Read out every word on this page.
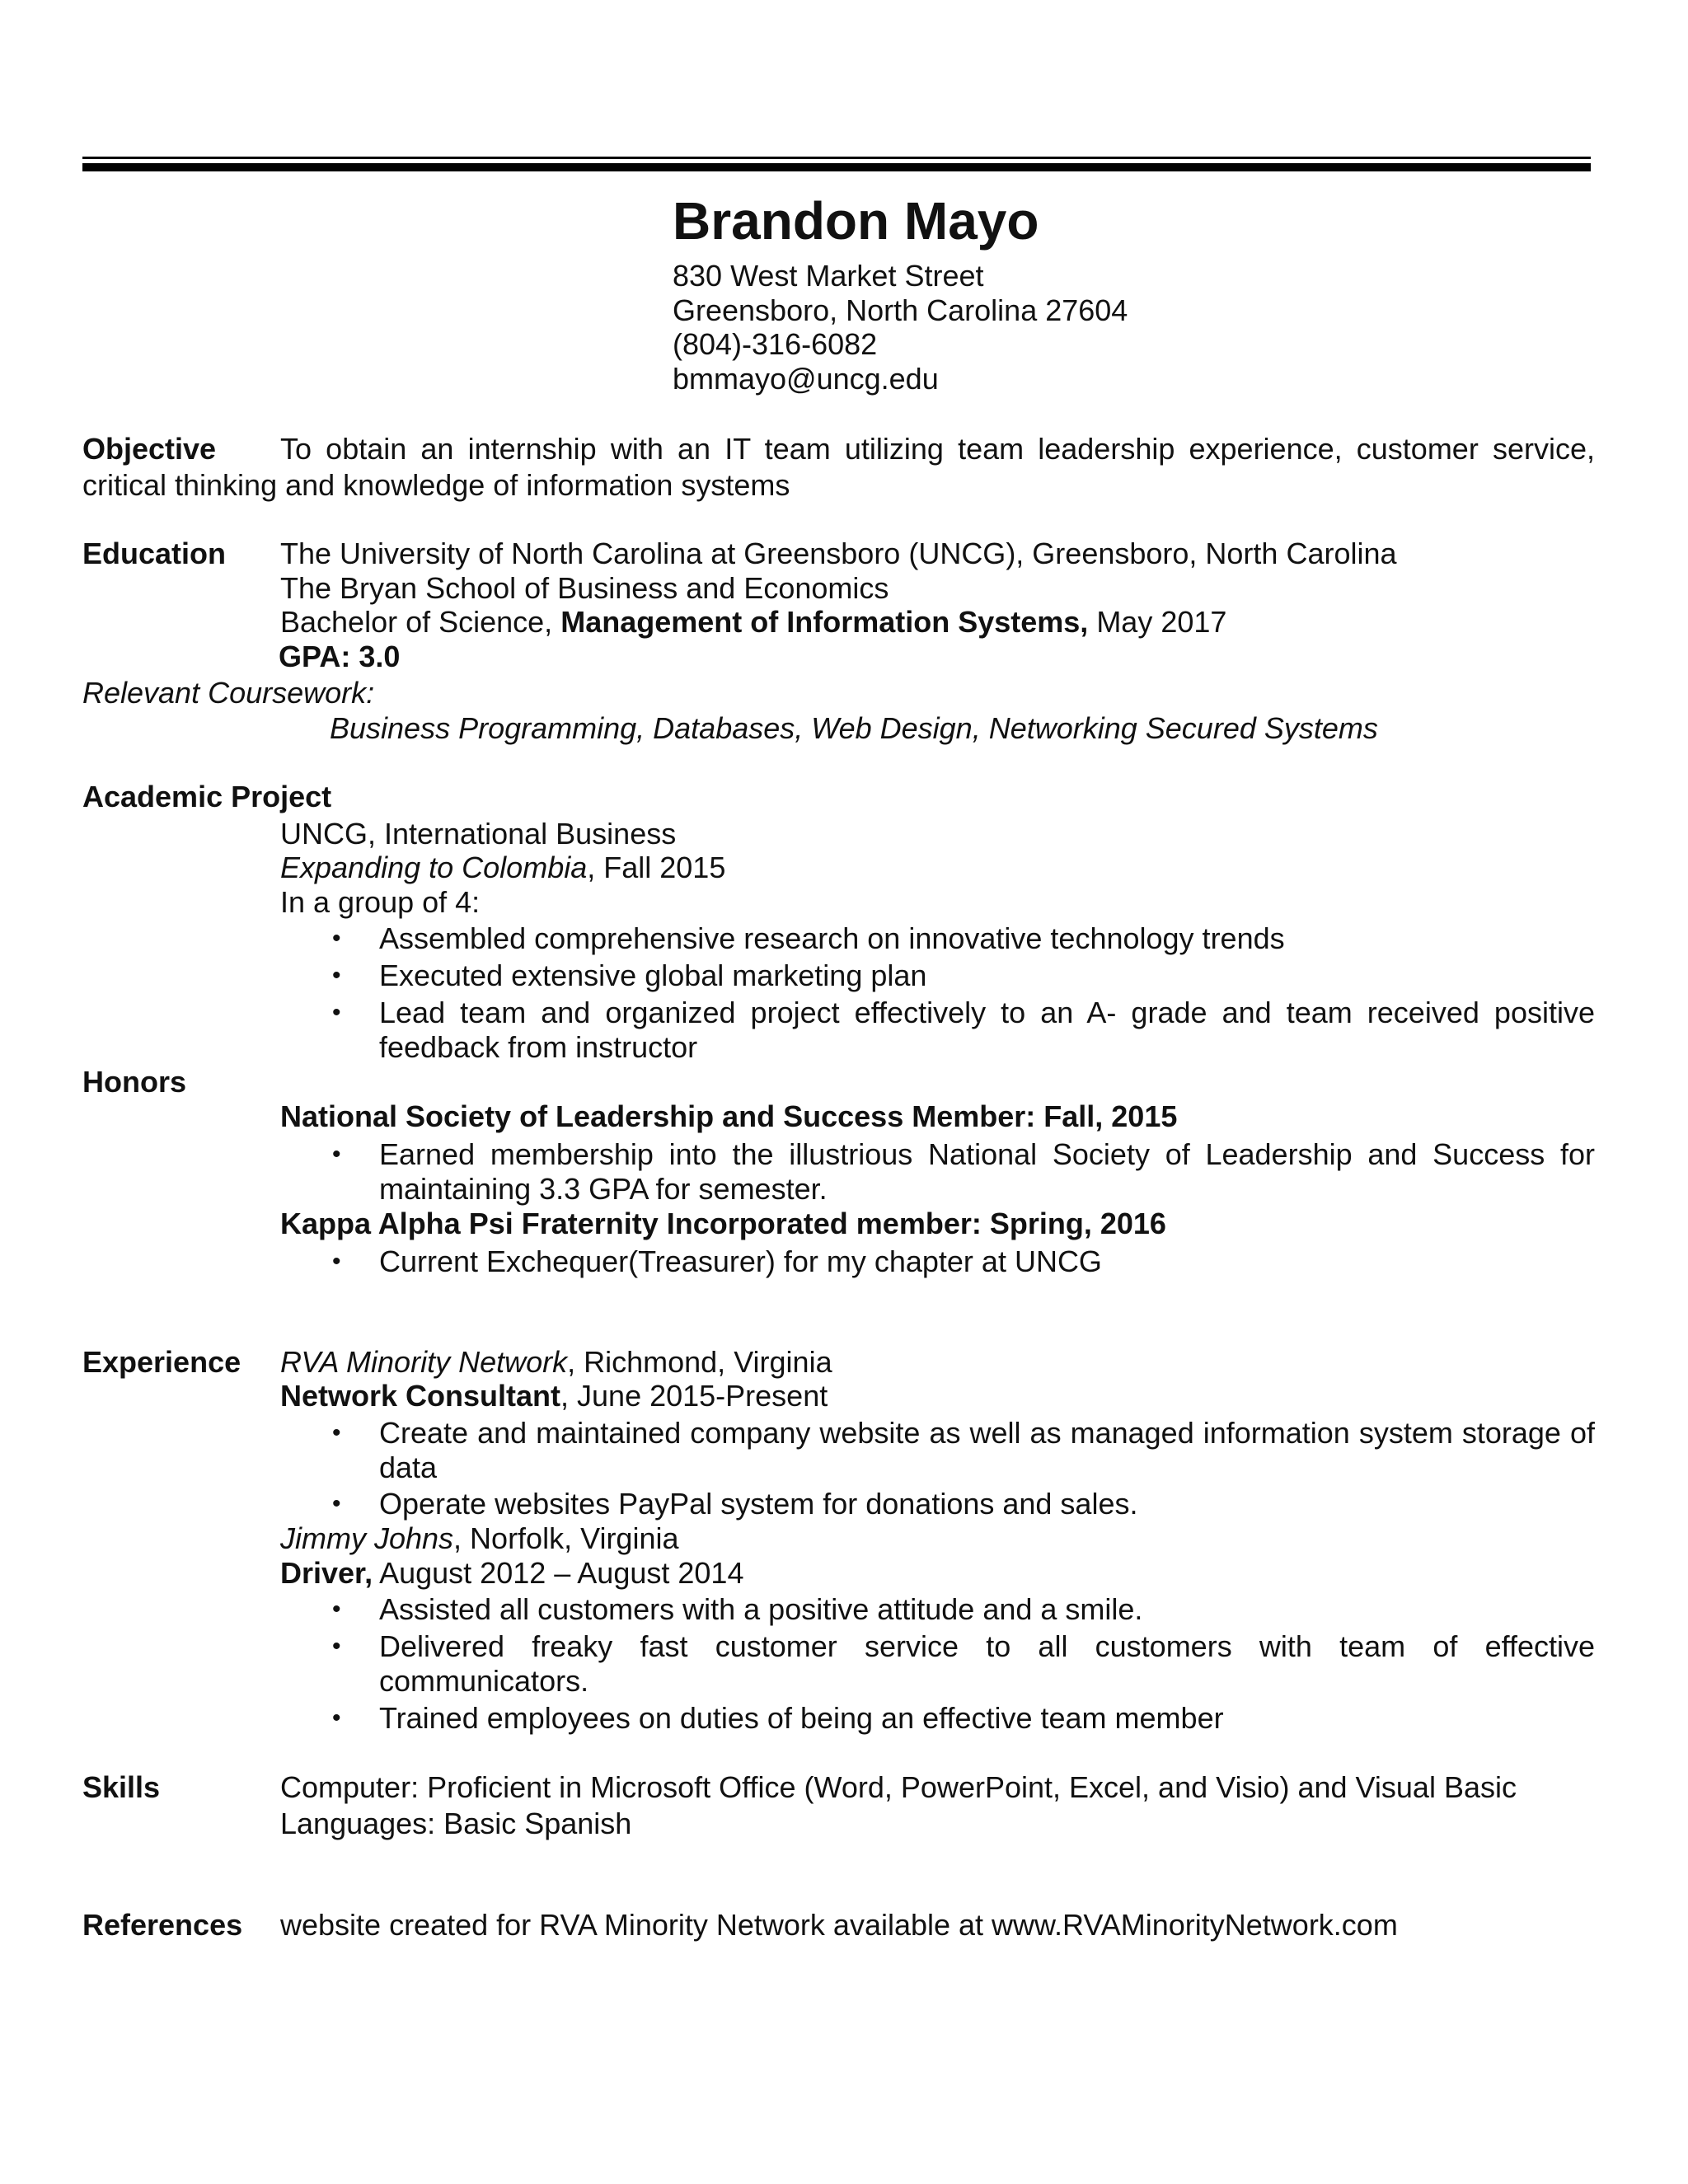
Brandon Mayo
830 West Market Street
Greensboro, North Carolina 27604
(804)-316-6082
bmmayo@uncg.edu
Objective To obtain an internship with an IT team utilizing team leadership experience, customer service,
critical thinking and knowledge of information systems
Education The University of North Carolina at Greensboro (UNCG), Greensboro, North Carolina
The Bryan School of Business and Economics
Bachelor of Science, Management of Information Systems, May 2017
GPA: 3.0
Relevant Coursework:
Business Programming, Databases, Web Design, Networking Secured Systems
Academic Project
UNCG, International Business
Expanding to Colombia, Fall 2015
In a group of 4:
• Assembled comprehensive research on innovative technology trends
• Executed extensive global marketing plan
• Lead team and organized project effectively to an A- grade and team received positive
feedback from instructor
Honors
National Society of Leadership and Success Member: Fall, 2015
• Earned membership into the illustrious National Society of Leadership and Success for
maintaining 3.3 GPA for semester.
Kappa Alpha Psi Fraternity Incorporated member: Spring, 2016
• Current Exchequer(Treasurer) for my chapter at UNCG
Experience RVA Minority Network, Richmond, Virginia
Network Consultant, June 2015-Present
• Create and maintained company website as well as managed information system storage of
data
• Operate websites PayPal system for donations and sales.
Jimmy Johns, Norfolk, Virginia
Driver, August 2012 – August 2014
• Assisted all customers with a positive attitude and a smile.
• Delivered freaky fast customer service to all customers with team of effective
communicators.
• Trained employees on duties of being an effective team member
Skills	Computer: Proficient in Microsoft Office (Word, PowerPoint, Excel, and Visio) and Visual Basic
Languages: Basic Spanish
References website created for RVA Minority Network available at www.RVAMinorityNetwork.com
